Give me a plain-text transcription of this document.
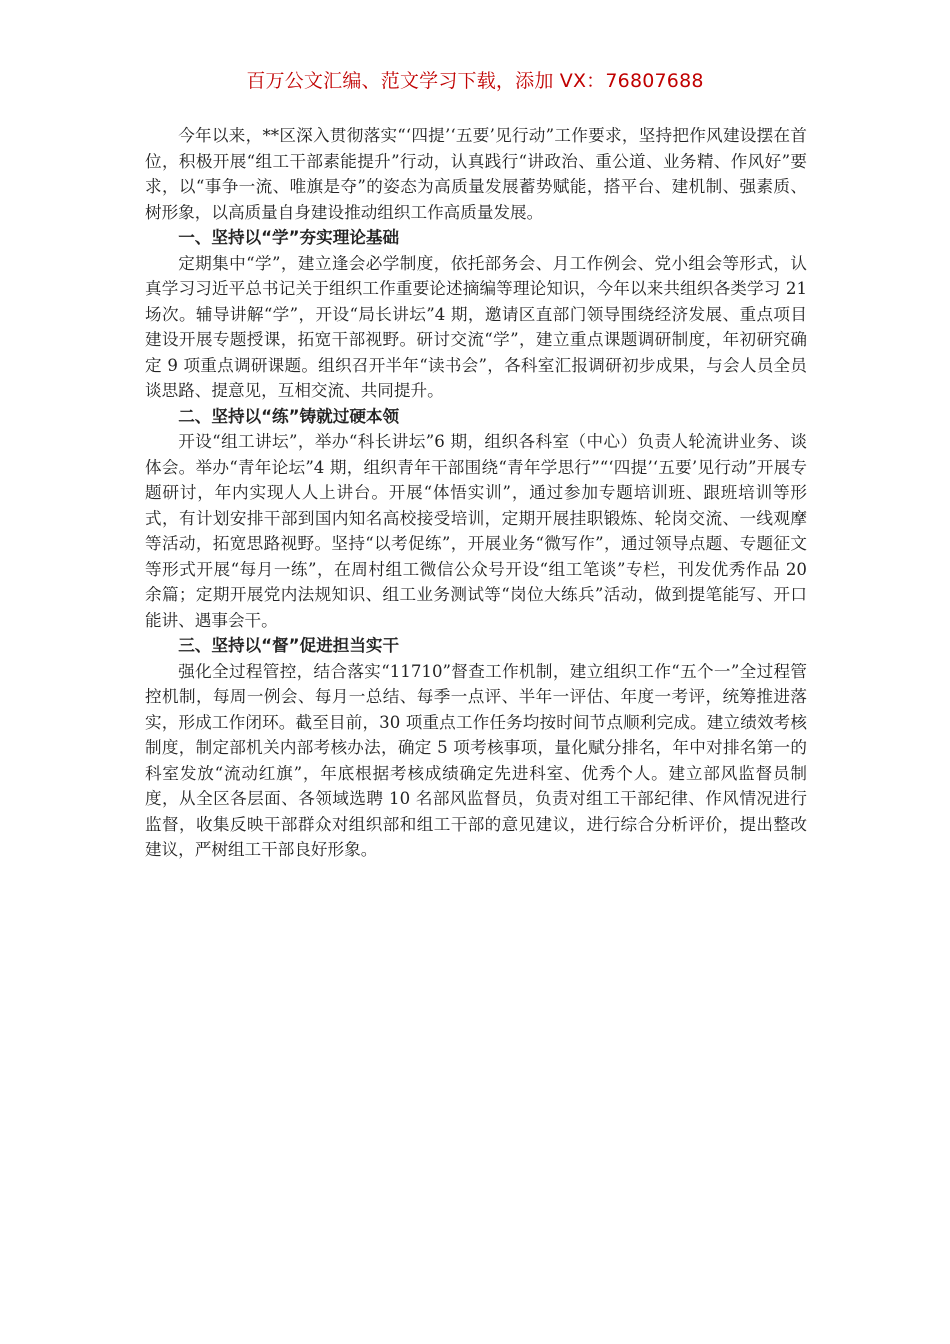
百万公文汇编、范文学习下载，添加 VX：76807688

今年以来，**区深入贯彻落实“‘四提’‘五要’见行动”工作要求，坚持把作风建设摆在首位，积极开展“组工干部素能提升”行动，认真践行“讲政治、重公道、业务精、作风好”要求，以“事争一流、唯旗是夺”的姿态为高质量发展蓄势赋能，搭平台、建机制、强素质、树形象，以高质量自身建设推动组织工作高质量发展。

一、坚持以“学”夯实理论基础

定期集中“学”，建立逢会必学制度，依托部务会、月工作例会、党小组会等形式，认真学习习近平总书记关于组织工作重要论述摘编等理论知识，今年以来共组织各类学习 21 场次。辅导讲解“学”，开设“局长讲坛”4 期，邀请区直部门领导围绕经济发展、重点项目建设开展专题授课，拓宽干部视野。研讨交流“学”，建立重点课题调研制度，年初研究确定 9 项重点调研课题。组织召开半年“读书会”，各科室汇报调研初步成果，与会人员全员谈思路、提意见，互相交流、共同提升。

二、坚持以“练”铸就过硬本领

开设“组工讲坛”，举办“科长讲坛”6 期，组织各科室（中心）负责人轮流讲业务、谈体会。举办“青年论坛”4 期，组织青年干部围绕“青年学思行”“‘四提’‘五要’见行动”开展专题研讨，年内实现人人上讲台。开展“体悟实训”，通过参加专题培训班、跟班培训等形式，有计划安排干部到国内知名高校接受培训，定期开展挂职锻炼、轮岗交流、一线观摩等活动，拓宽思路视野。坚持“以考促练”，开展业务“微写作”，通过领导点题、专题征文等形式开展“每月一练”，在周村组工微信公众号开设“组工笔谈”专栏，刊发优秀作品 20 余篇；定期开展党内法规知识、组工业务测试等“岗位大练兵”活动，做到提笔能写、开口能讲、遇事会干。

三、坚持以“督”促进担当实干

强化全过程管控，结合落实“11710”督查工作机制，建立组织工作“五个一”全过程管控机制，每周一例会、每月一总结、每季一点评、半年一评估、年度一考评，统筹推进落实，形成工作闭环。截至目前，30 项重点工作任务均按时间节点顺利完成。建立绩效考核制度，制定部机关内部考核办法，确定 5 项考核事项，量化赋分排名，年中对排名第一的科室发放“流动红旗”，年底根据考核成绩确定先进科室、优秀个人。建立部风监督员制度，从全区各层面、各领域选聘 10 名部风监督员，负责对组工干部纪律、作风情况进行监督，收集反映干部群众对组织部和组工干部的意见建议，进行综合分析评价，提出整改建议，严树组工干部良好形象。
